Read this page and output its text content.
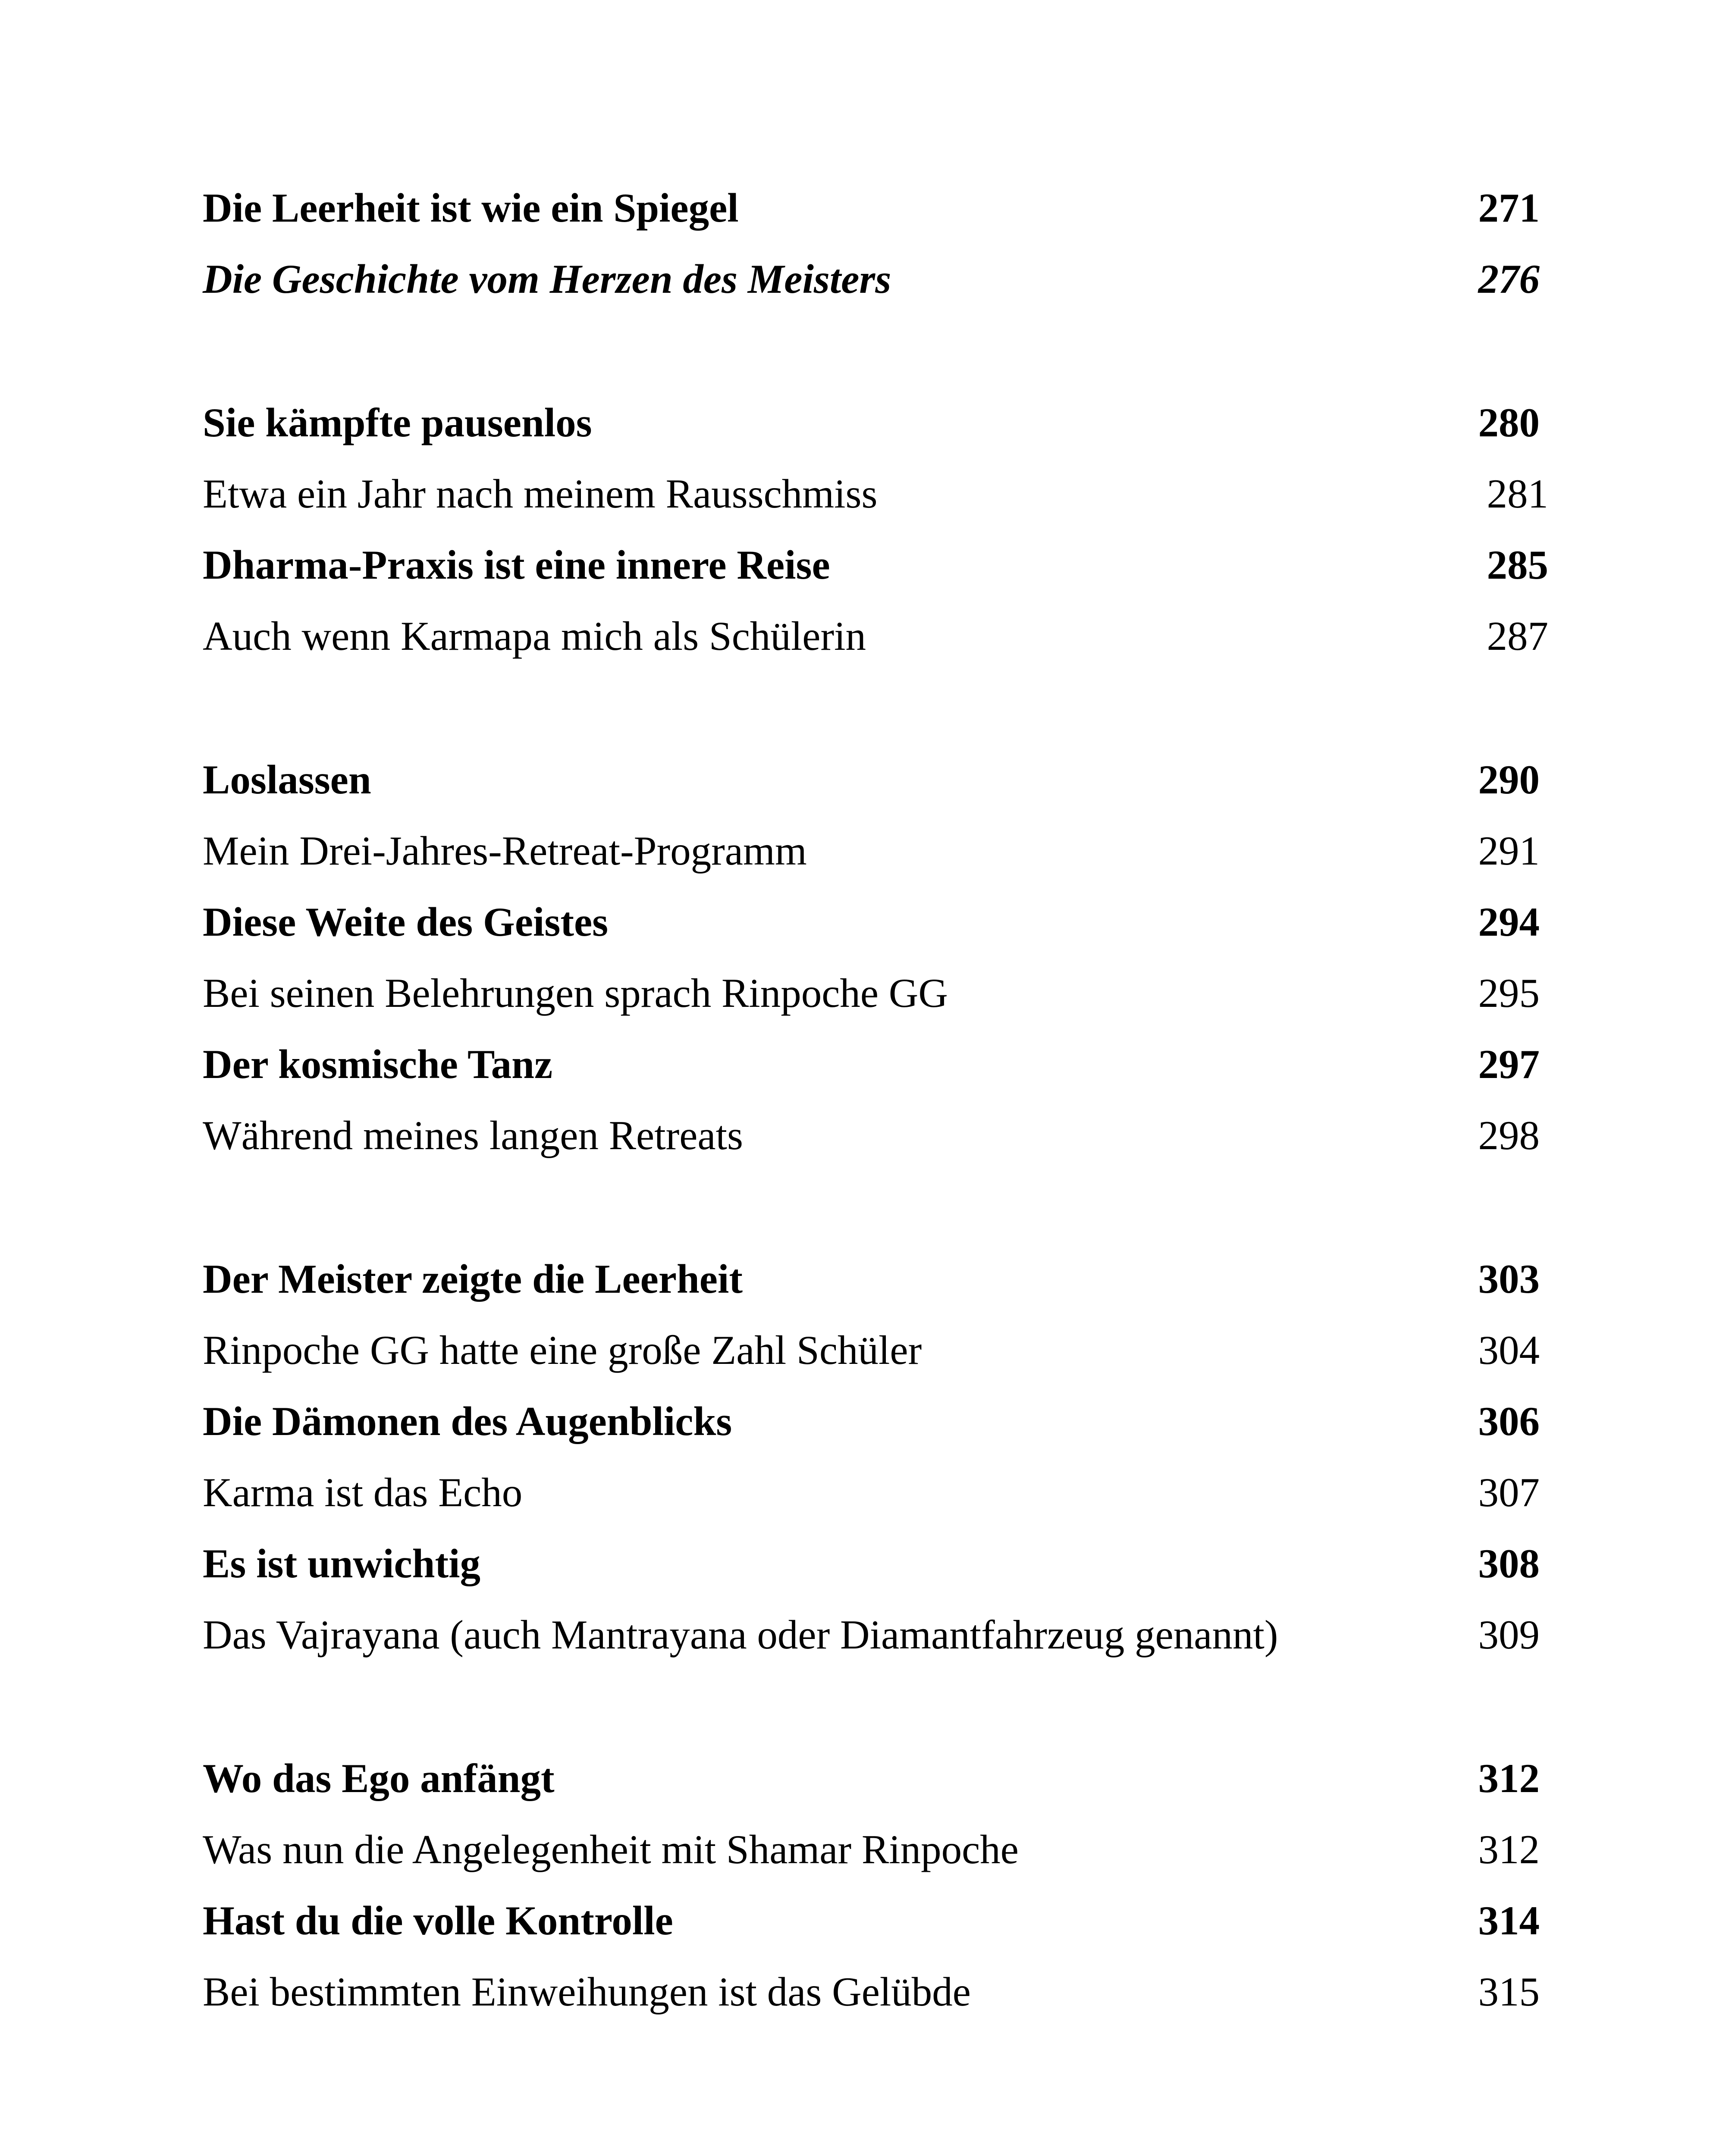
Die Leerheit ist wie ein Spiegel	271
Die Geschichte vom Herzen des Meisters	276
Sie kämpfte pausenlos	280
Etwa ein Jahr nach meinem Rausschmiss	281
Dharma-Praxis ist eine innere Reise	285
Auch wenn Karmapa mich als Schülerin	287
Loslassen	290
Mein Drei-Jahres-Retreat-Programm	291
Diese Weite des Geistes	294
Bei seinen Belehrungen sprach Rinpoche GG	295
Der kosmische Tanz	297
Während meines langen Retreats	298
Der Meister zeigte die Leerheit	303
Rinpoche GG hatte eine große Zahl Schüler	304
Die Dämonen des Augenblicks	306
Karma ist das Echo	307
Es ist unwichtig	308
Das Vajrayana (auch Mantrayana oder Diamantfahrzeug genannt)	309
Wo das Ego anfängt	312
Was nun die Angelegenheit mit Shamar Rinpoche	312
Hast du die volle Kontrolle	314
Bei bestimmten Einweihungen ist das Gelübde	315
